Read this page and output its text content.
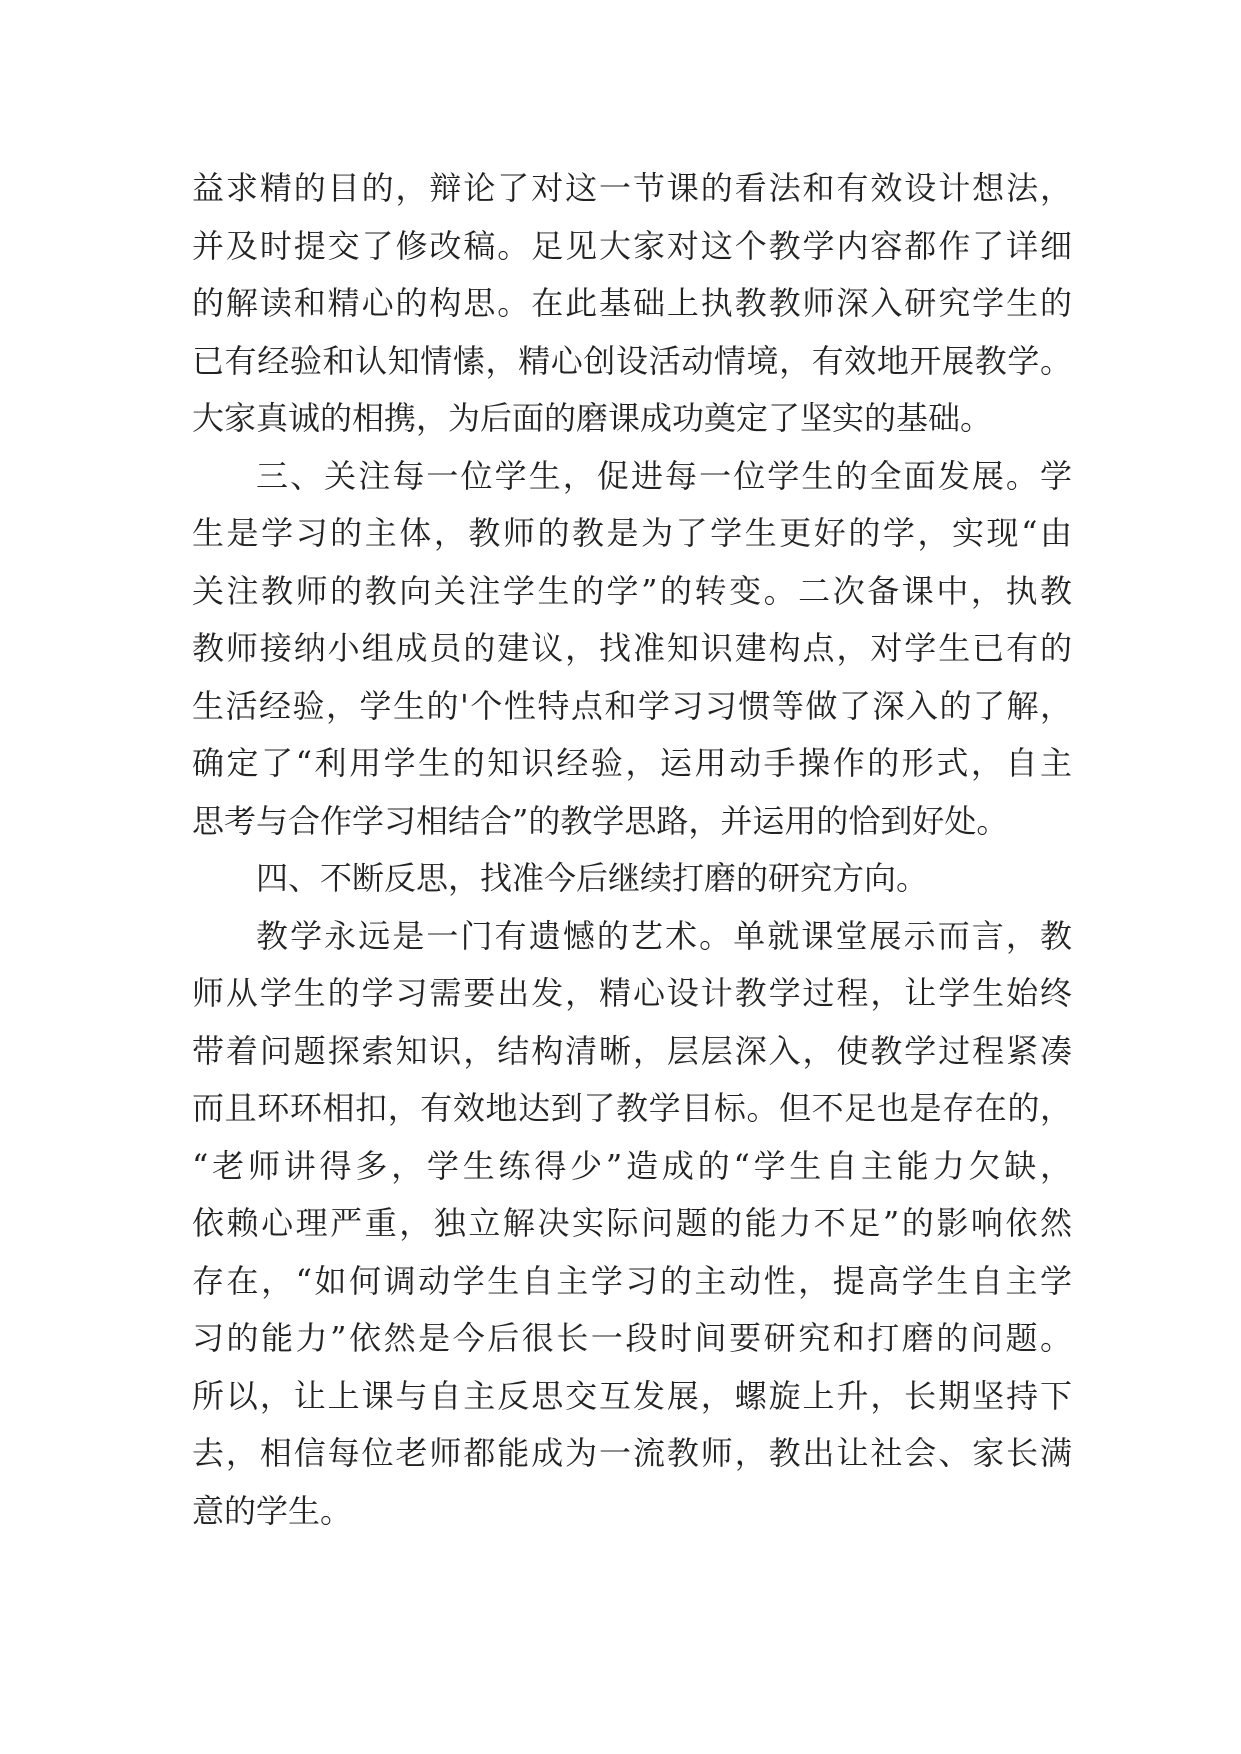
益求精的目的，辩论了对这一节课的看法和有效设计想法，
并及时提交了修改稿。足见大家对这个教学内容都作了详细
的解读和精心的构思。在此基础上执教教师深入研究学生的
已有经验和认知情愫，精心创设活动情境，有效地开展教学。
大家真诚的相携，为后面的磨课成功奠定了坚实的基础。
三、关注每一位学生，促进每一位学生的全面发展。学
生是学习的主体，教师的教是为了学生更好的学，实现“由
关注教师的教向关注学生的学”的转变。二次备课中，执教
教师接纳小组成员的建议，找准知识建构点，对学生已有的
生活经验，学生的'个性特点和学习习惯等做了深入的了解，
确定了“利用学生的知识经验，运用动手操作的形式，自主
思考与合作学习相结合”的教学思路，并运用的恰到好处。
四、不断反思，找准今后继续打磨的研究方向。
教学永远是一门有遗憾的艺术。单就课堂展示而言，教
师从学生的学习需要出发，精心设计教学过程，让学生始终
带着问题探索知识，结构清晰，层层深入，使教学过程紧凑
而且环环相扣，有效地达到了教学目标。但不足也是存在的，
“老师讲得多，学生练得少”造成的“学生自主能力欠缺，
依赖心理严重，独立解决实际问题的能力不足”的影响依然
存在，“如何调动学生自主学习的主动性，提高学生自主学
习的能力”依然是今后很长一段时间要研究和打磨的问题。
所以，让上课与自主反思交互发展，螺旋上升，长期坚持下
去，相信每位老师都能成为一流教师，教出让社会、家长满
意的学生。
